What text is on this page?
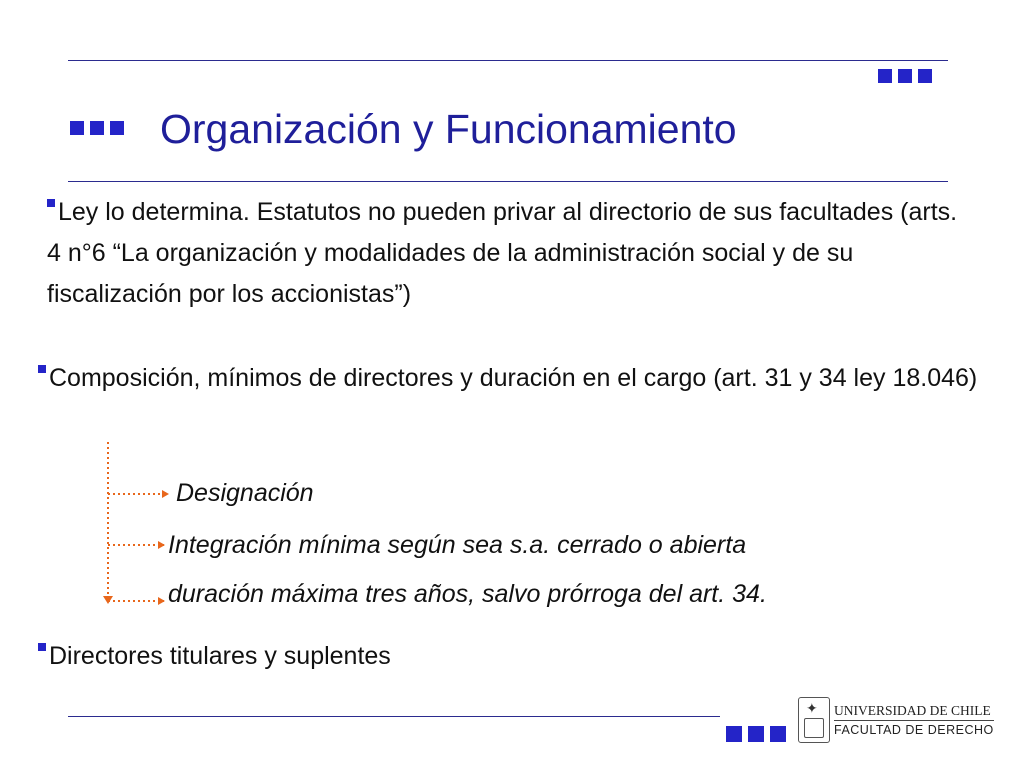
Organización y Funcionamiento
Ley lo determina. Estatutos no pueden privar al directorio de sus facultades (arts. 4 n°6 “La organización y modalidades de la administración social y de su fiscalización por los accionistas”)
Composición, mínimos de directores y duración en el cargo (art. 31 y 34 ley 18.046)
Designación
Integración mínima según sea s.a. cerrado o abierta
duración máxima tres años, salvo prórroga del art. 34.
Directores titulares y suplentes
✦
UNIVERSIDAD DE CHILE
FACULTAD DE DERECHO
